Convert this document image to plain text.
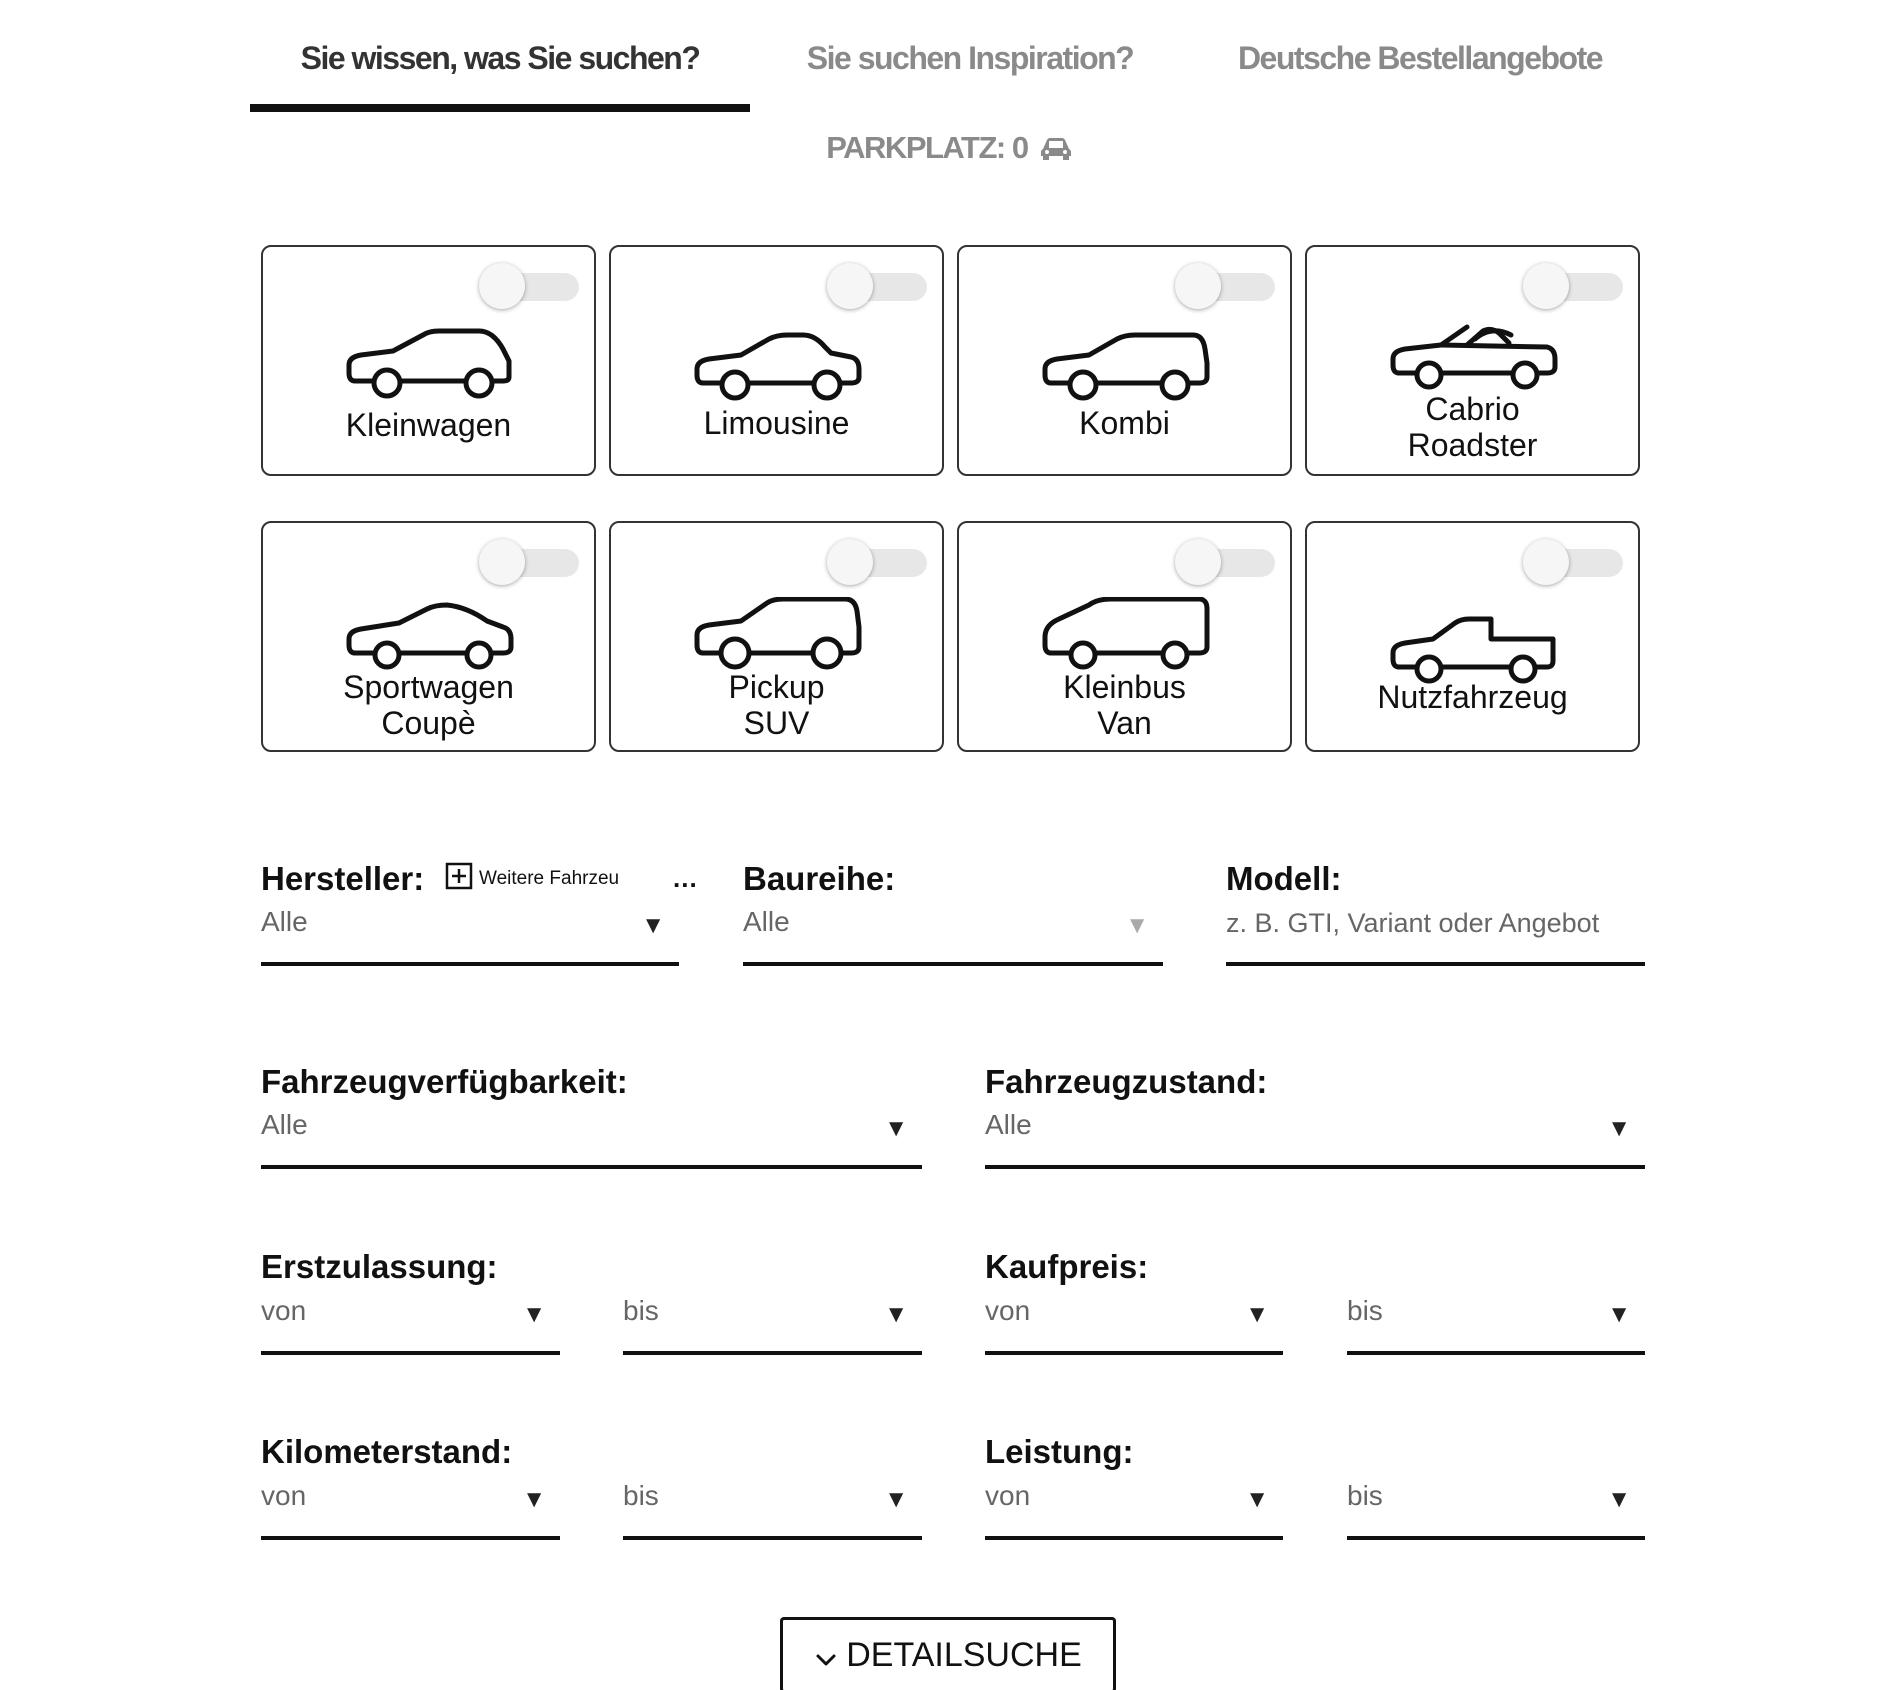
Sie wissen, was Sie suchen?	Sie suchen Inspiration?	Deutsche Bestellangebote
PARKPLATZ: 0
Kleinwagen	Limousine	Kombi	Cabrio
Roadster
Sportwagen
Coupè
Pickup
SUV
Kleinbus
Van
Nutzfahrzeug
Hersteller:
Alle	▼
Weitere Fahrzeu ... Baureihe:
Alle	▼
Modell:
z. B. GTI, Variant oder Angebot
Fahrzeugverfügbarkeit:
Alle	▼
Fahrzeugzustand:
Alle	▼
Erstzulassung:
von	▼	bis	▼
Kaufpreis:
von	▼	bis	▼
Kilometerstand:
von	▼	bis	▼
Leistung:
von	▼	bis	▼
DETAILSUCHE
